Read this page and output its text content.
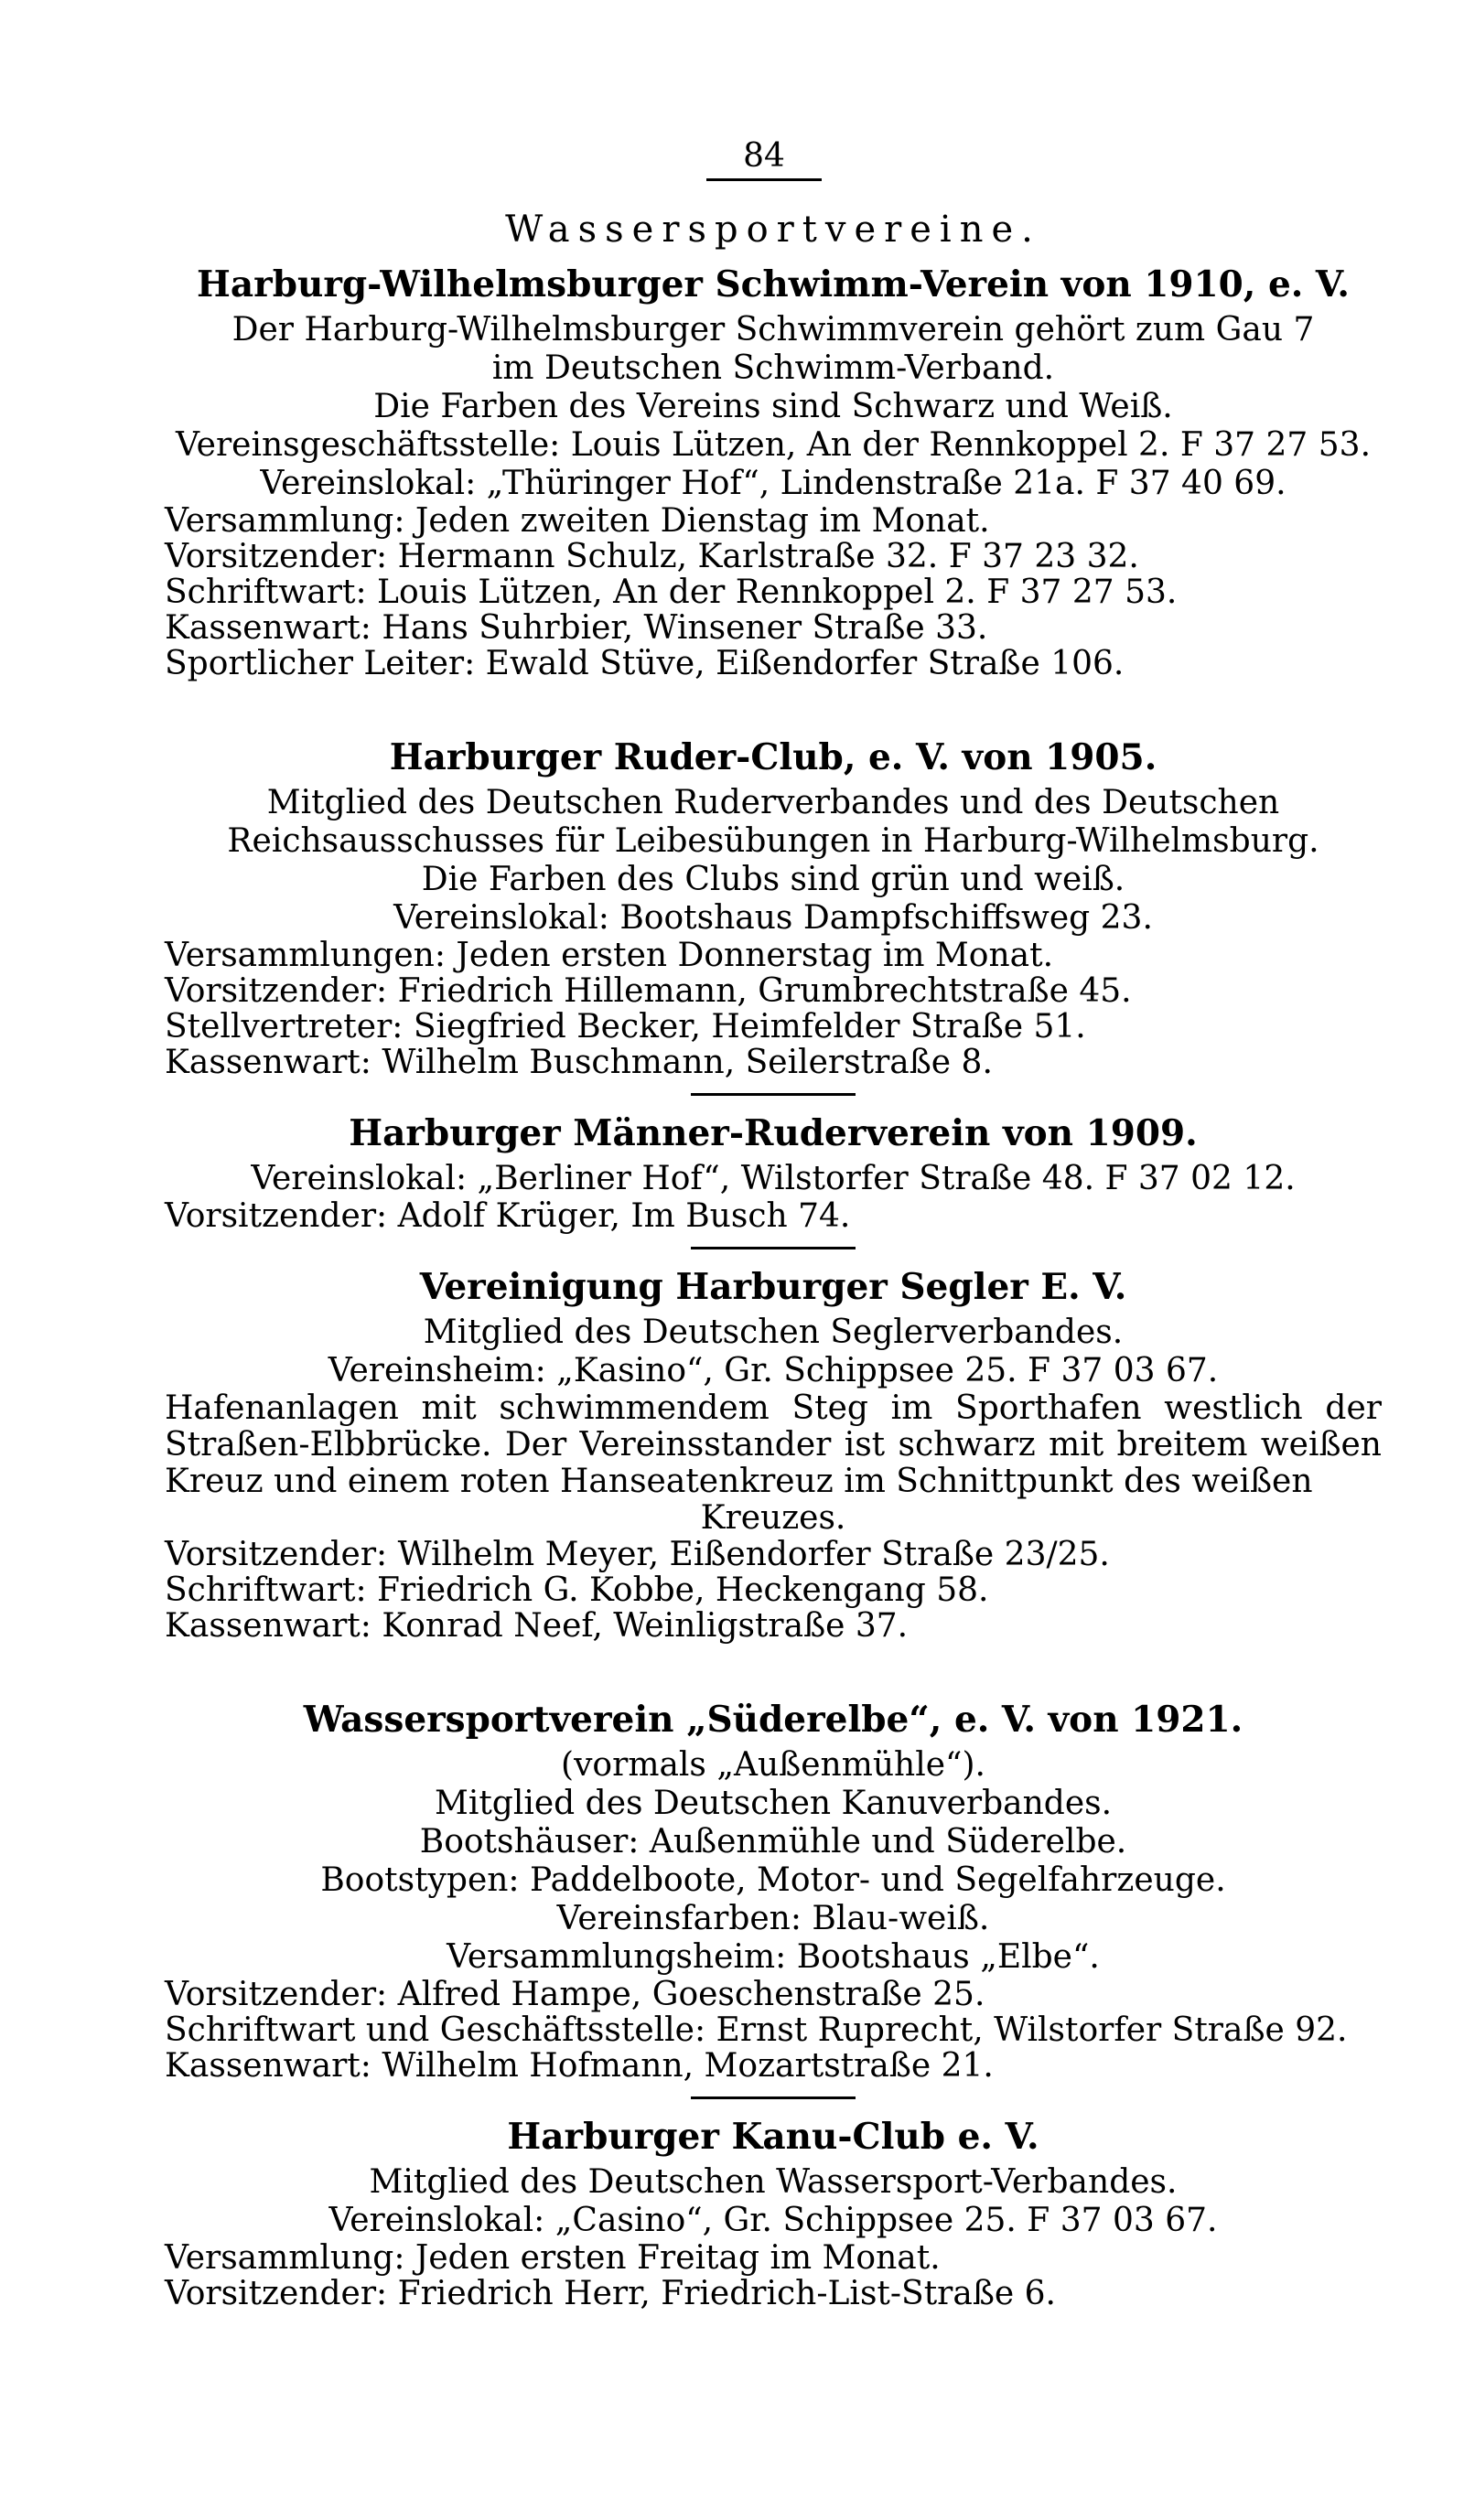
84
Wassersportvereine.
Harburg-Wilhelmsburger Schwimm-Verein von 1910, e. V.
Der Harburg-Wilhelmsburger Schwimmverein gehört zum Gau 7
im Deutschen Schwimm-Verband.
Die Farben des Vereins sind Schwarz und Weiß.
Vereinsgeschäftsstelle: Louis Lützen, An der Rennkoppel 2. F 37 27 53.
Vereinslokal: „Thüringer Hof“, Lindenstraße 21a. F 37 40 69.
Versammlung: Jeden zweiten Dienstag im Monat.
Vorsitzender: Hermann Schulz, Karlstraße 32. F 37 23 32.
Schriftwart: Louis Lützen, An der Rennkoppel 2. F 37 27 53.
Kassenwart: Hans Suhrbier, Winsener Straße 33.
Sportlicher Leiter: Ewald Stüve, Eißendorfer Straße 106.
Harburger Ruder-Club, e. V. von 1905.
Mitglied des Deutschen Ruderverbandes und des Deutschen
Reichsausschusses für Leibesübungen in Harburg-Wilhelmsburg.
Die Farben des Clubs sind grün und weiß.
Vereinslokal: Bootshaus Dampfschiffsweg 23.
Versammlungen: Jeden ersten Donnerstag im Monat.
Vorsitzender: Friedrich Hillemann, Grumbrechtstraße 45.
Stellvertreter: Siegfried Becker, Heimfelder Straße 51.
Kassenwart: Wilhelm Buschmann, Seilerstraße 8.
Harburger Männer-Ruderverein von 1909.
Vereinslokal: „Berliner Hof“, Wilstorfer Straße 48. F 37 02 12.
Vorsitzender: Adolf Krüger, Im Busch 74.
Vereinigung Harburger Segler E. V.
Mitglied des Deutschen Seglerverbandes.
Vereinsheim: „Kasino“, Gr. Schippsee 25. F 37 03 67.
Hafenanlagen mit schwimmendem Steg im Sporthafen westlich der Straßen-Elbbrücke. Der Vereinsstander ist schwarz mit breitem weißen Kreuz und einem roten Hanseatenkreuz im Schnittpunkt des weißen
Kreuzes.
Vorsitzender: Wilhelm Meyer, Eißendorfer Straße 23/25.
Schriftwart: Friedrich G. Kobbe, Heckengang 58.
Kassenwart: Konrad Neef, Weinligstraße 37.
Wassersportverein „Süderelbe“, e. V. von 1921.
(vormals „Außenmühle“).
Mitglied des Deutschen Kanuverbandes.
Bootshäuser: Außenmühle und Süderelbe.
Bootstypen: Paddelboote, Motor- und Segelfahrzeuge.
Vereinsfarben: Blau-weiß.
Versammlungsheim: Bootshaus „Elbe“.
Vorsitzender: Alfred Hampe, Goeschenstraße 25.
Schriftwart und Geschäftsstelle: Ernst Ruprecht, Wilstorfer Straße 92.
Kassenwart: Wilhelm Hofmann, Mozartstraße 21.
Harburger Kanu-Club e. V.
Mitglied des Deutschen Wassersport-Verbandes.
Vereinslokal: „Casino“, Gr. Schippsee 25. F 37 03 67.
Versammlung: Jeden ersten Freitag im Monat.
Vorsitzender: Friedrich Herr, Friedrich-List-Straße 6.
